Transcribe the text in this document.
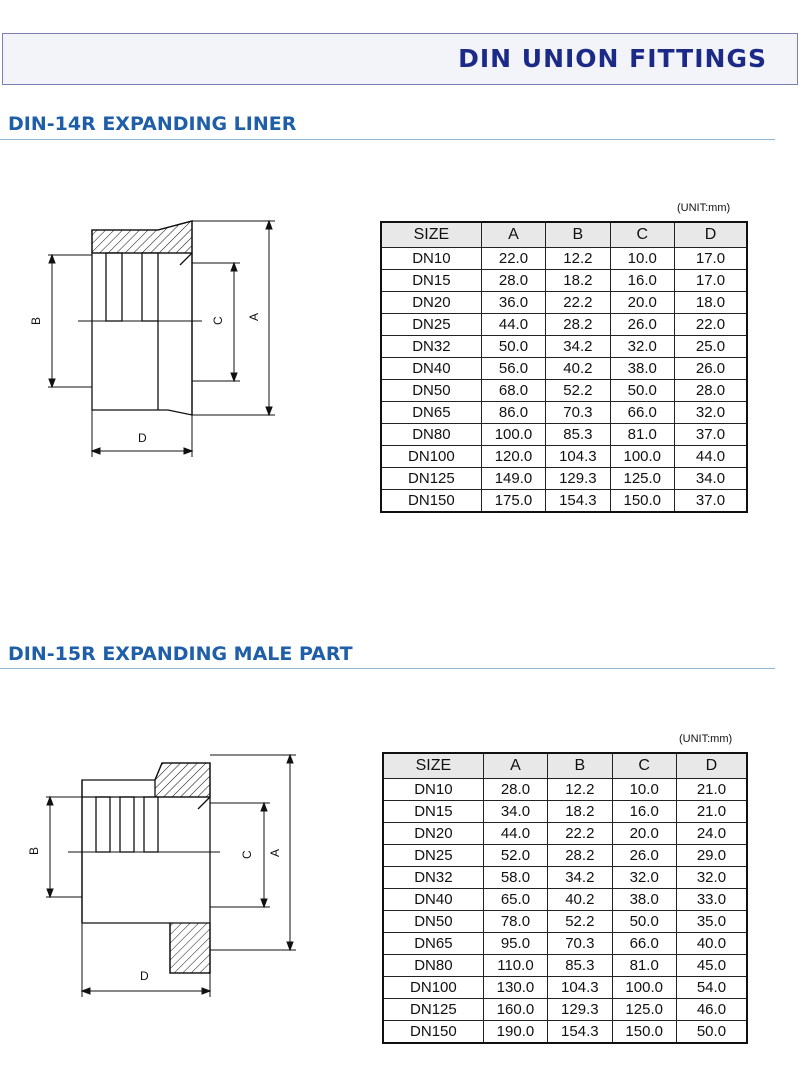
DIN UNION FITTINGS
DIN-14R EXPANDING LINER
B	C A
D
(UNIT:mm)
SIZE	A	B	C	D
DN10	22.0	12.2	10.0	17.0
DN15	28.0	18.2	16.0	17.0
DN20	36.0	22.2	20.0	18.0
DN25	44.0	28.2	26.0	22.0
DN32	50.0	34.2	32.0	25.0
DN40	56.0	40.2	38.0	26.0
DN50	68.0	52.2	50.0	28.0
DN65	86.0	70.3	66.0	32.0
DN80	100.0	85.3	81.0	37.0
DN100	120.0	104.3	100.0	44.0
DN125	149.0	129.3	125.0	34.0
DN150	175.0	154.3	150.0	37.0
DIN-15R EXPANDING MALE PART
B	C A
D
(UNIT:mm)
SIZE	A	B	C	D
DN10	28.0	12.2	10.0	21.0
DN15	34.0	18.2	16.0	21.0
DN20	44.0	22.2	20.0	24.0
DN25	52.0	28.2	26.0	29.0
DN32	58.0	34.2	32.0	32.0
DN40	65.0	40.2	38.0	33.0
DN50	78.0	52.2	50.0	35.0
DN65	95.0	70.3	66.0	40.0
DN80	110.0	85.3	81.0	45.0
DN100	130.0	104.3	100.0	54.0
DN125	160.0	129.3	125.0	46.0
DN150	190.0	154.3	150.0	50.0
